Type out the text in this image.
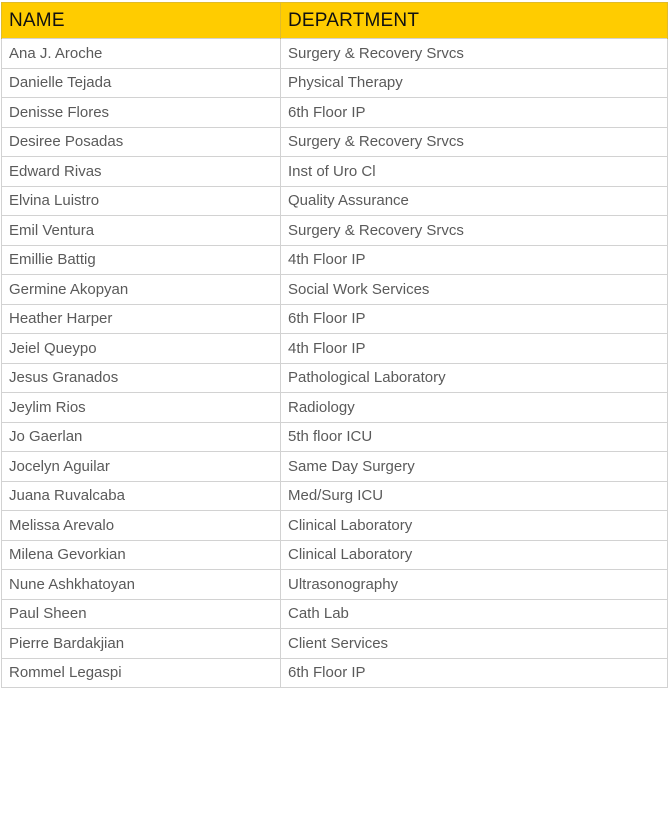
NAME	DEPARTMENT
Ana J. Aroche	Surgery & Recovery Srvcs
Danielle Tejada	Physical Therapy
Denisse Flores	6th Floor IP
Desiree Posadas	Surgery & Recovery Srvcs
Edward Rivas	Inst of Uro Cl
Elvina Luistro	Quality Assurance
Emil Ventura	Surgery & Recovery Srvcs
Emillie Battig	4th Floor IP
Germine Akopyan	Social Work Services
Heather Harper	6th Floor IP
Jeiel Queypo	4th Floor IP
Jesus Granados	Pathological Laboratory
Jeylim Rios	Radiology
Jo Gaerlan	5th floor ICU
Jocelyn Aguilar	Same Day Surgery
Juana Ruvalcaba	Med/Surg ICU
Melissa Arevalo	Clinical Laboratory
Milena Gevorkian	Clinical Laboratory
Nune Ashkhatoyan	Ultrasonography
Paul Sheen	Cath Lab
Pierre Bardakjian	Client Services
Rommel Legaspi	6th Floor IP
